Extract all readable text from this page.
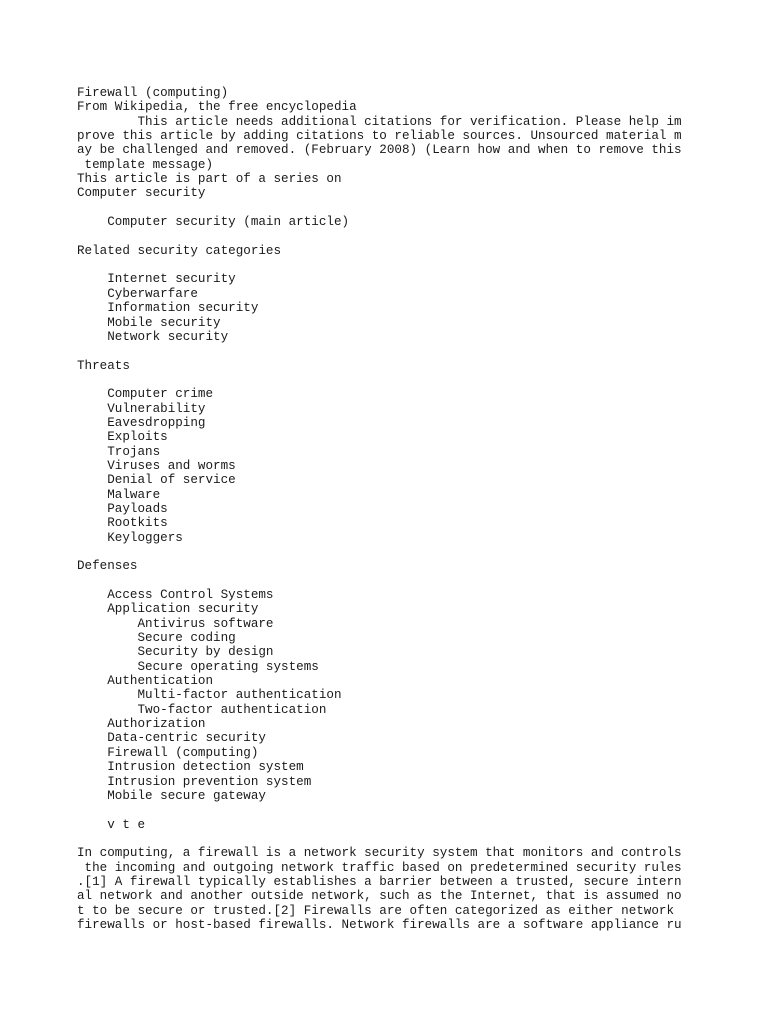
Firewall (computing)
From Wikipedia, the free encyclopedia
This article needs additional citations for verification. Please help im
prove this article by adding citations to reliable sources. Unsourced material m
ay be challenged and removed. (February 2008) (Learn how and when to remove this
template message)
This article is part of a series on
Computer security
Computer security (main article)
Related security categories
Internet security
Cyberwarfare
Information security
Mobile security
Network security
Threats
Computer crime
Vulnerability
Eavesdropping
Exploits
Trojans
Viruses and worms
Denial of service
Malware
Payloads
Rootkits
Keyloggers
Defenses
Access Control Systems
Application security
Antivirus software
Secure coding
Security by design
Secure operating systems
Authentication
Multi-factor authentication
Two-factor authentication
Authorization
Data-centric security
Firewall (computing)
Intrusion detection system
Intrusion prevention system
Mobile secure gateway
v t e
In computing, a firewall is a network security system that monitors and controls
the incoming and outgoing network traffic based on predetermined security rules
.[1] A firewall typically establishes a barrier between a trusted, secure intern
al network and another outside network, such as the Internet, that is assumed no
t to be secure or trusted.[2] Firewalls are often categorized as either network
firewalls or host-based firewalls. Network firewalls are a software appliance ru
